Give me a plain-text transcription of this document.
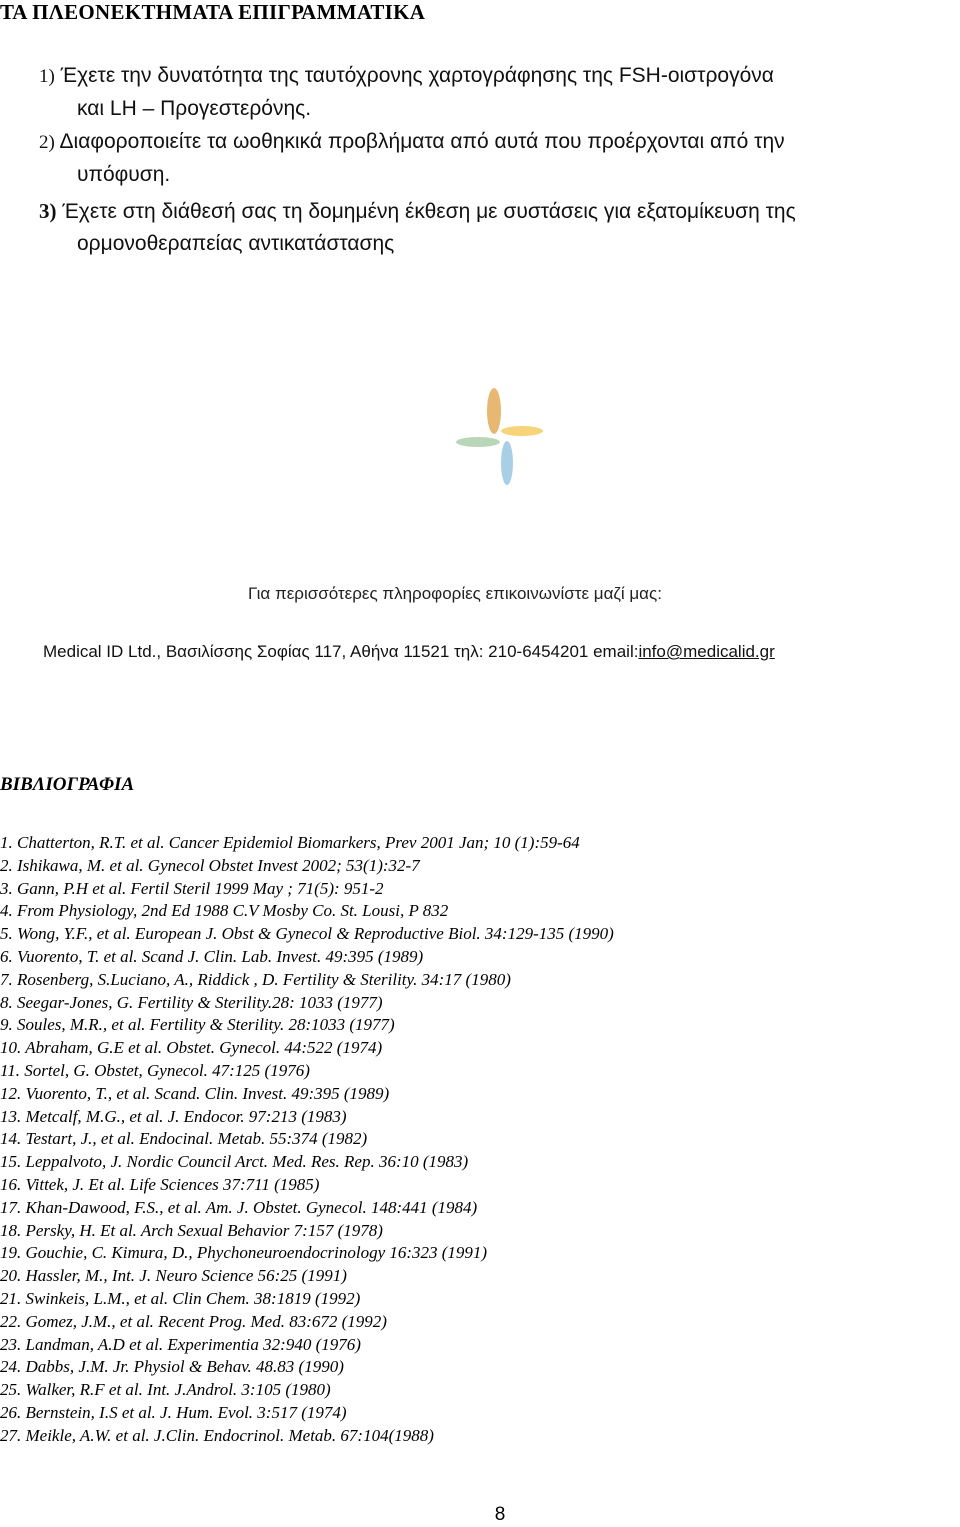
ΤΑ ΠΛΕΟΝΕΚΤΗΜΑΤΑ ΕΠΙΓΡΑΜΜΑΤΙΚΑ
1) Έχετε την δυνατότητα της ταυτόχρονης χαρτογράφησης της FSH-οιστρογόνα
και LH – Προγεστερόνης.
2) Διαφοροποιείτε τα ωοθηκικά προβλήματα από αυτά που προέρχονται από την
υπόφυση.
3) Έχετε στη διάθεσή σας τη δομημένη έκθεση με συστάσεις για εξατομίκευση της
ορμονοθεραπείας αντικατάστασης
Για περισσότερες πληροφορίες επικοινωνίστε μαζί μας:
Medical ID Ltd., Βασιλίσσης Σοφίας 117, Αθήνα 11521 τηλ: 210-6454201 email:info@medicalid.gr
ΒΙΒΛΙΟΓΡΑΦΙΑ
1. Chatterton, R.T. et al. Cancer Epidemiol Biomarkers, Prev 2001 Jan; 10 (1):59-64
2. Ishikawa, M. et al. Gynecol Obstet Invest 2002; 53(1):32-7
3. Gann, P.H et al. Fertil Steril 1999 May ; 71(5): 951-2
4. From Physiology, 2nd Ed 1988 C.V Mosby Co. St. Lousi, P 832
5. Wong, Y.F., et al. European J. Obst & Gynecol & Reproductive Biol. 34:129-135 (1990)
6. Vuorento, T. et al. Scand J. Clin. Lab. Invest. 49:395 (1989)
7. Rosenberg, S.Luciano, A., Riddick , D. Fertility & Sterility. 34:17 (1980)
8. Seegar-Jones, G. Fertility & Sterility.28: 1033 (1977)
9. Soules, M.R., et al. Fertility & Sterility. 28:1033 (1977)
10. Abraham, G.E et al. Obstet. Gynecol. 44:522 (1974)
11. Sortel, G. Obstet, Gynecol. 47:125 (1976)
12. Vuorento, T., et al. Scand. Clin. Invest. 49:395 (1989)
13. Metcalf, M.G., et al. J. Endocor. 97:213 (1983)
14. Testart, J., et al. Endocinal. Metab. 55:374 (1982)
15. Leppalvoto, J. Nordic Council Arct. Med. Res. Rep. 36:10 (1983)
16. Vittek, J. Et al. Life Sciences 37:711 (1985)
17. Khan-Dawood, F.S., et al. Am. J. Obstet. Gynecol. 148:441 (1984)
18. Persky, H. Et al. Arch Sexual Behavior 7:157 (1978)
19. Gouchie, C. Kimura, D., Phychoneuroendocrinology 16:323 (1991)
20. Hassler, M., Int. J. Neuro Science 56:25 (1991)
21. Swinkeis, L.M., et al. Clin Chem. 38:1819 (1992)
22. Gomez, J.M., et al. Recent Prog. Med. 83:672 (1992)
23. Landman, A.D et al. Experimentia 32:940 (1976)
24. Dabbs, J.M. Jr. Physiol & Behav. 48.83 (1990)
25. Walker, R.F et al. Int. J.Androl. 3:105 (1980)
26. Bernstein, I.S et al. J. Hum. Evol. 3:517 (1974)
27. Meikle, A.W. et al. J.Clin. Endocrinol. Metab. 67:104(1988)
8
